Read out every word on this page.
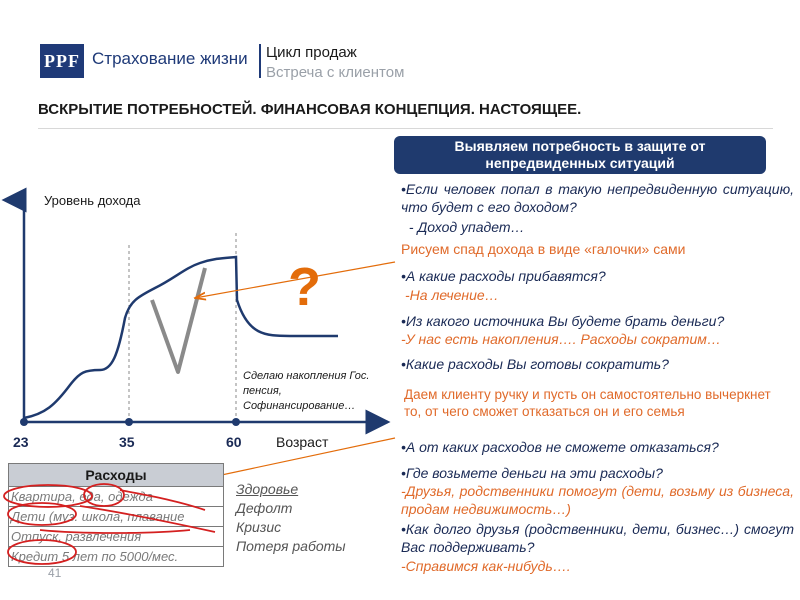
PPF Страхование жизни Цикл продаж
Встреча с клиентом
ВСКРЫТИЕ ПОТРЕБНОСТЕЙ. ФИНАНСОВАЯ КОНЦЕПЦИЯ. НАСТОЯЩЕЕ.
Выявляем потребность в защите от непредвиденных ситуаций
•Если человек попал в такую непредвиденную ситуацию, что будет с его доходом?
- Доход упадет…
Рисуем спад дохода в виде «галочки» сами
•А какие расходы прибавятся?
-На лечение…
•Из какого источника Вы будете брать деньги?
-У нас есть накопления…. Расходы сократим…
•Какие расходы Вы готовы сократить?
Даем клиенту ручку и пусть он самостоятельно вычеркнет то, от чего сможет отказаться он и его семья
•А от каких расходов не сможете отказаться?
•Где возьмете деньги на эти расходы?
-Друзья, родственники помогут (дети, возьму из бизнеса, продам недвижимость…)
•Как долго друзья (родственники, дети, бизнес…) смогут Вас поддерживать?
-Справимся как-нибудь….
Уровень дохода
Возраст
23	35	60
?
Сделаю накопления Гос. пенсия, Софинансирование…
Расходы
Квартира, еда, одежда
Дети (муз. школа, плавание
Отпуск, развлечения
Кредит 5 лет по 5000/мес.
Здоровье
Дефолт
Кризис
Потеря работы
41
